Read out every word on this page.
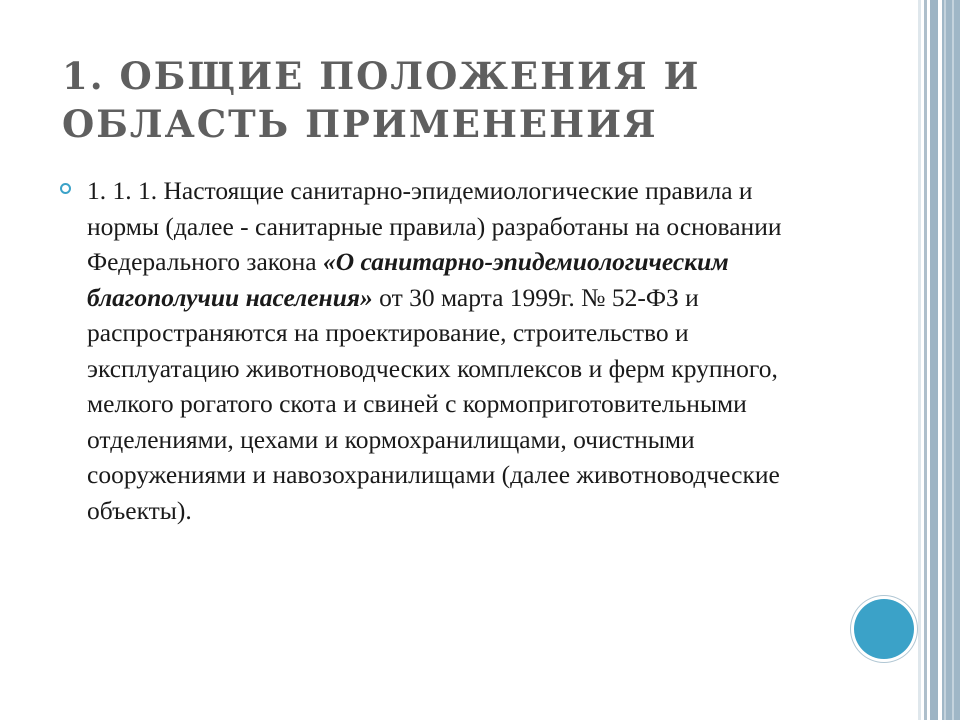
1. ОБЩИЕ ПОЛОЖЕНИЯ И
ОБЛАСТЬ ПРИМЕНЕНИЯ

1. 1. 1. Настоящие санитарно-эпидемиологические правила и нормы (далее - санитарные правила) разработаны на основании Федерального закона «О санитарно-эпидемиологическим благополучии населения» от 30 марта 1999г. № 52-ФЗ и распространяются на проектирование, строительство и эксплуатацию животноводческих комплексов и ферм крупного, мелкого рогатого скота и свиней с кормоприготовительными отделениями, цехами и кормохранилищами, очистными сооружениями и навозохранилищами (далее животноводческие объекты).
